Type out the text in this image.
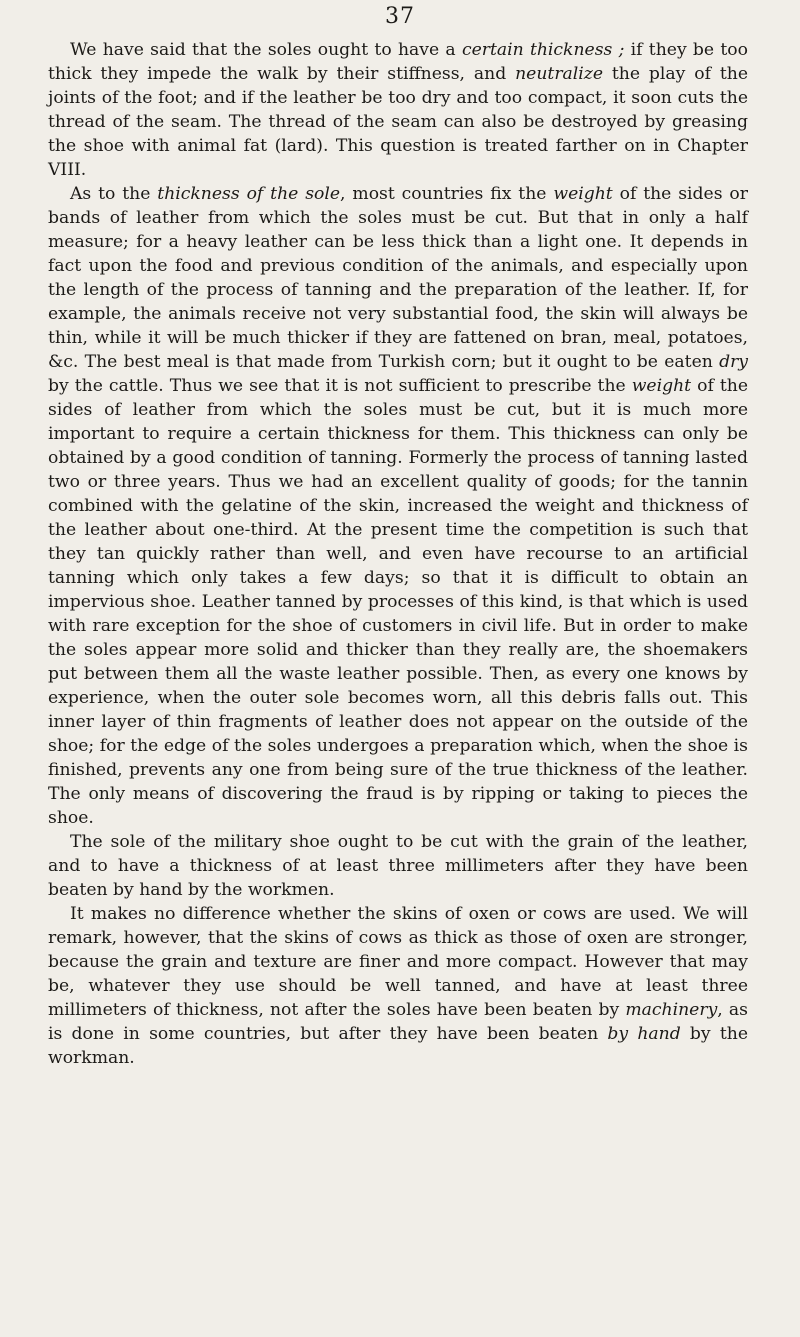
37

We have said that the soles ought to have a certain thickness ; if they be too thick they impede the walk by their stiffness, and neutralize the play of the joints of the foot; and if the leather be too dry and too compact, it soon cuts the thread of the seam. The thread of the seam can also be destroyed by greasing the shoe with animal fat (lard). This question is treated farther on in Chapter VIII.

As to the thickness of the sole, most countries fix the weight of the sides or bands of leather from which the soles must be cut. But that in only a half measure; for a heavy leather can be less thick than a light one. It depends in fact upon the food and previous condition of the animals, and especially upon the length of the process of tanning and the preparation of the leather. If, for example, the animals receive not very substantial food, the skin will always be thin, while it will be much thicker if they are fattened on bran, meal, potatoes, &c. The best meal is that made from Turkish corn; but it ought to be eaten dry by the cattle. Thus we see that it is not sufficient to prescribe the weight of the sides of leather from which the soles must be cut, but it is much more important to require a certain thickness for them. This thickness can only be obtained by a good condition of tanning. Formerly the process of tanning lasted two or three years. Thus we had an excellent quality of goods; for the tannin combined with the gelatine of the skin, increased the weight and thickness of the leather about one-third. At the present time the competition is such that they tan quickly rather than well, and even have recourse to an artificial tanning which only takes a few days; so that it is difficult to obtain an impervious shoe. Leather tanned by processes of this kind, is that which is used with rare exception for the shoe of customers in civil life. But in order to make the soles appear more solid and thicker than they really are, the shoemakers put between them all the waste leather possible. Then, as every one knows by experience, when the outer sole becomes worn, all this debris falls out. This inner layer of thin fragments of leather does not appear on the outside of the shoe; for the edge of the soles undergoes a preparation which, when the shoe is finished, prevents any one from being sure of the true thickness of the leather. The only means of discovering the fraud is by ripping or taking to pieces the shoe.

The sole of the military shoe ought to be cut with the grain of the leather, and to have a thickness of at least three millimeters after they have been beaten by hand by the workmen.

It makes no difference whether the skins of oxen or cows are used. We will remark, however, that the skins of cows as thick as those of oxen are stronger, because the grain and texture are finer and more compact. However that may be, whatever they use should be well tanned, and have at least three millimeters of thickness, not after the soles have been beaten by machinery, as is done in some countries, but after they have been beaten by hand by the workman.
